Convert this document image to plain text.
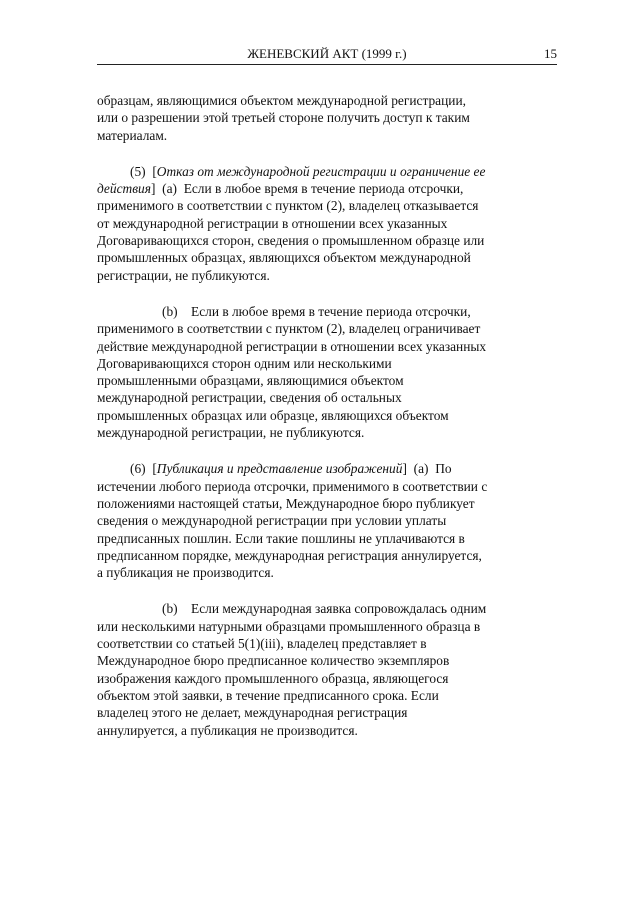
ЖЕНЕВСКИЙ АКТ (1999 г.)	15

образцам, являющимися объектом международной регистрации,
или о разрешении этой третьей стороне получить доступ к таким
материалам.

(5) [Отказ от международной регистрации и ограничение ее
действия] (a) Если в любое время в течение периода отсрочки,
применимого в соответствии с пунктом (2), владелец отказывается
от международной регистрации в отношении всех указанных
Договаривающихся сторон, сведения о промышленном образце или
промышленных образцах, являющихся объектом международной
регистрации, не публикуются.

(b) Если в любое время в течение периода отсрочки,
применимого в соответствии с пунктом (2), владелец ограничивает
действие международной регистрации в отношении всех указанных
Договаривающихся сторон одним или несколькими
промышленными образцами, являющимися объектом
международной регистрации, сведения об остальных
промышленных образцах или образце, являющихся объектом
международной регистрации, не публикуются.

(6) [Публикация и представление изображений] (a) По
истечении любого периода отсрочки, применимого в соответствии с
положениями настоящей статьи, Международное бюро публикует
сведения о международной регистрации при условии уплаты
предписанных пошлин. Если такие пошлины не уплачиваются в
предписанном порядке, международная регистрация аннулируется,
а публикация не производится.

(b) Если международная заявка сопровождалась одним
или несколькими натурными образцами промышленного образца в
соответствии со статьей 5(1)(iii), владелец представляет в
Международное бюро предписанное количество экземпляров
изображения каждого промышленного образца, являющегося
объектом этой заявки, в течение предписанного срока. Если
владелец этого не делает, международная регистрация
аннулируется, а публикация не производится.
